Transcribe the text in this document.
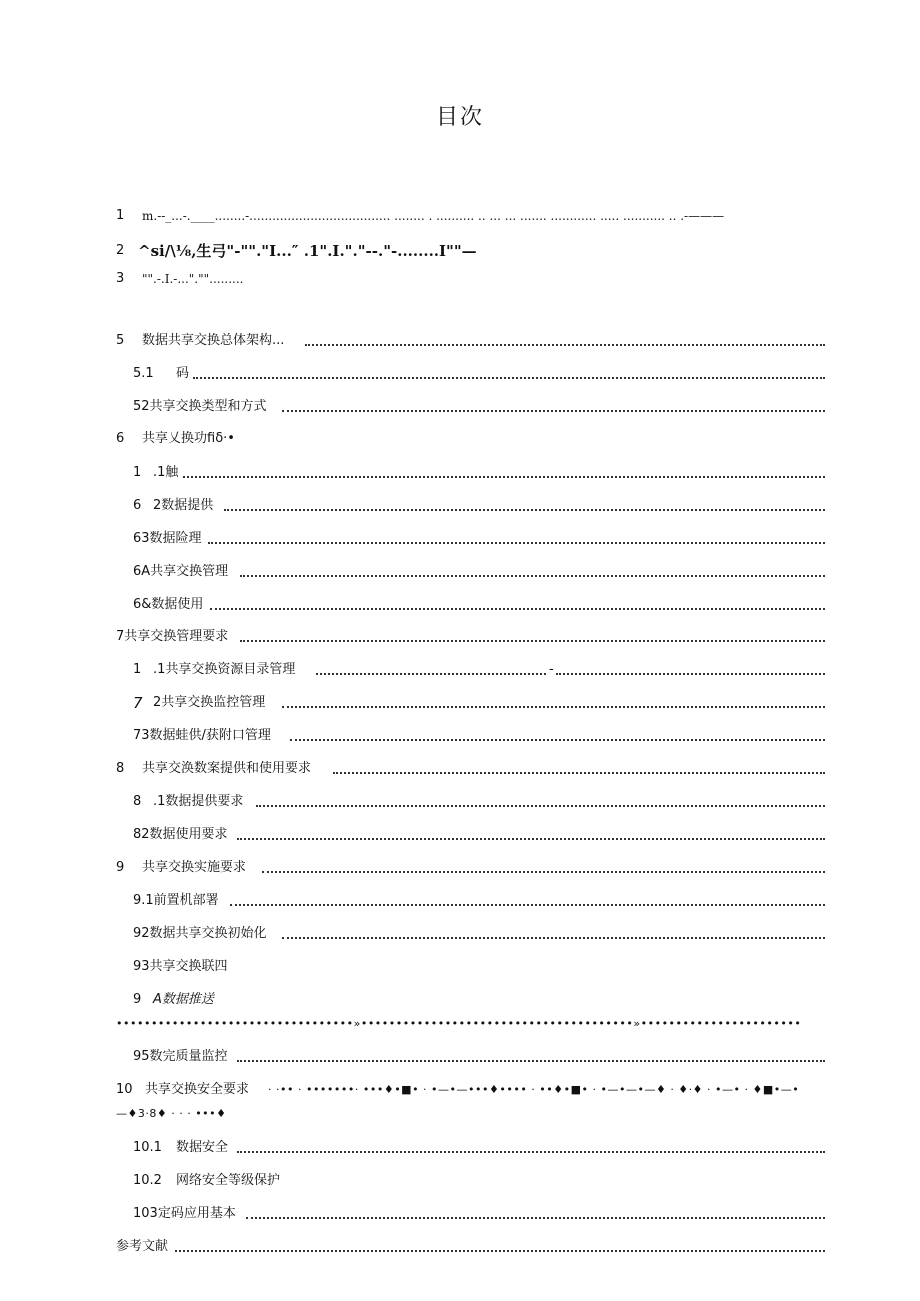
目次
1 m.--_...-.____........-..................................... ........ . .......... .. ... ... ....... ............ ..... ........... .. .-———
2 ^si/\⅛,生弓"-""."I...″ .1".I."."--."-........I""—
3 "".-.I.-..."."".........
5 数据共享交换总体架构...
5.1 码
52共享交换类型和方式
6 共享乂换功fiδ·•
1 .1触
6 2数据提供
63数据险理
6A共享交换管理
6&数据使用
7共享交换管理要求
1 .1共享交换资源目录管理	-
7 2共享交换监控管理
73数据蛙供/获附口管理
8 共享交涣数案提供和使用要求
8 .1数据提供要求
82数据使用要求
9 共享交换实施要求
9.1前置机部署
92数据共享交换初始化
93共享交换联四
9 A数据推送
••••••••••••••••••••••••••••••••••»•••••••••••••••••••••••••••••••••••••••»•••••••••••••••••••••••
95数完质量监控
10 共享交换安全要求 · ·•• · •••••••· •••♦•■• · •—•—•••♦•••• · ••♦•■• · •—•—•—♦ · ♦·♦ · •—• · ♦■•—•
—♦3·8♦ · · · •••♦
10.1 数据安全
10.2 网络安全等级保护
103定码应用基本
参考文献
